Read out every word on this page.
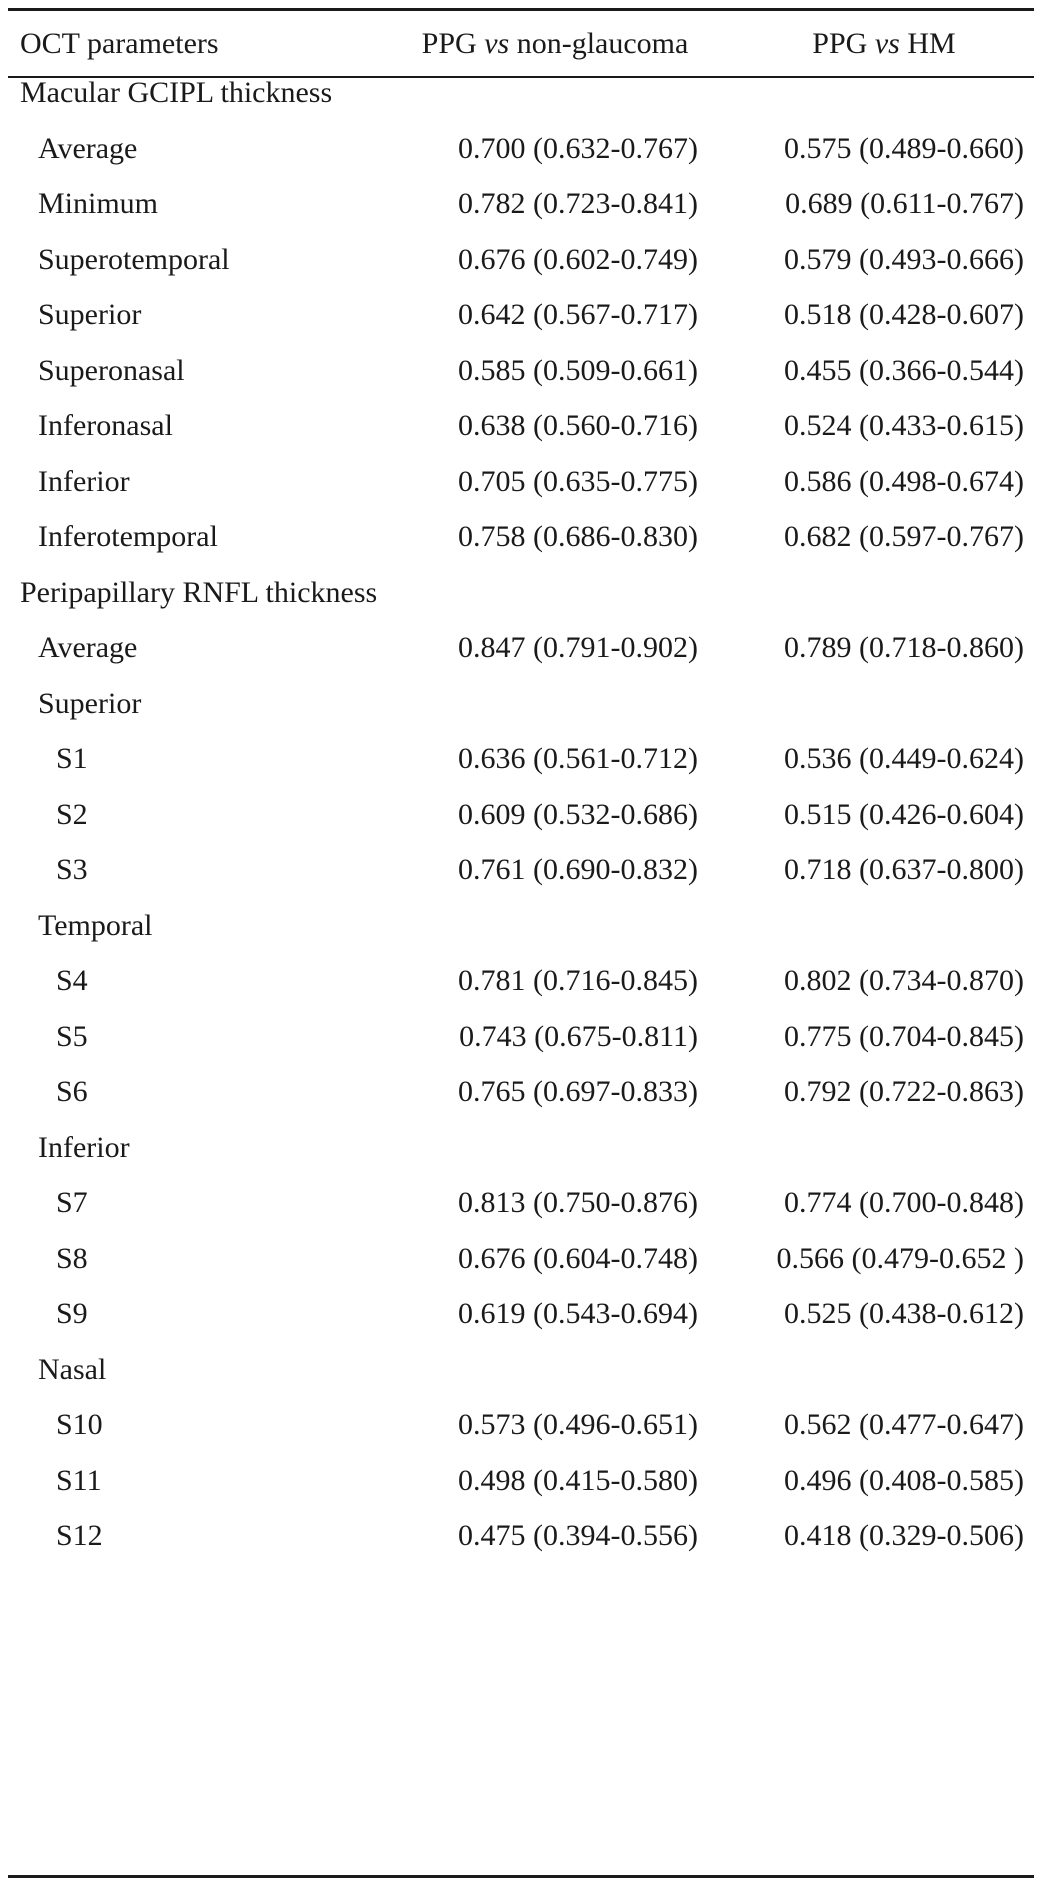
OCT parameters	PPG vs non-glaucoma	PPG vs HM
Macular GCIPL thickness
Average	0.700 (0.632-0.767)	0.575 (0.489-0.660)
Minimum	0.782 (0.723-0.841)	0.689 (0.611-0.767)
Superotemporal	0.676 (0.602-0.749)	0.579 (0.493-0.666)
Superior	0.642 (0.567-0.717)	0.518 (0.428-0.607)
Superonasal	0.585 (0.509-0.661)	0.455 (0.366-0.544)
Inferonasal	0.638 (0.560-0.716)	0.524 (0.433-0.615)
Inferior	0.705 (0.635-0.775)	0.586 (0.498-0.674)
Inferotemporal	0.758 (0.686-0.830)	0.682 (0.597-0.767)
Peripapillary RNFL thickness
Average	0.847 (0.791-0.902)	0.789 (0.718-0.860)
Superior
S1	0.636 (0.561-0.712)	0.536 (0.449-0.624)
S2	0.609 (0.532-0.686)	0.515 (0.426-0.604)
S3	0.761 (0.690-0.832)	0.718 (0.637-0.800)
Temporal
S4	0.781 (0.716-0.845)	0.802 (0.734-0.870)
S5	0.743 (0.675-0.811)	0.775 (0.704-0.845)
S6	0.765 (0.697-0.833)	0.792 (0.722-0.863)
Inferior
S7	0.813 (0.750-0.876)	0.774 (0.700-0.848)
S8	0.676 (0.604-0.748)	0.566 (0.479-0.652 )
S9	0.619 (0.543-0.694)	0.525 (0.438-0.612)
Nasal
S10	0.573 (0.496-0.651)	0.562 (0.477-0.647)
S11	0.498 (0.415-0.580)	0.496 (0.408-0.585)
S12	0.475 (0.394-0.556)	0.418 (0.329-0.506)
